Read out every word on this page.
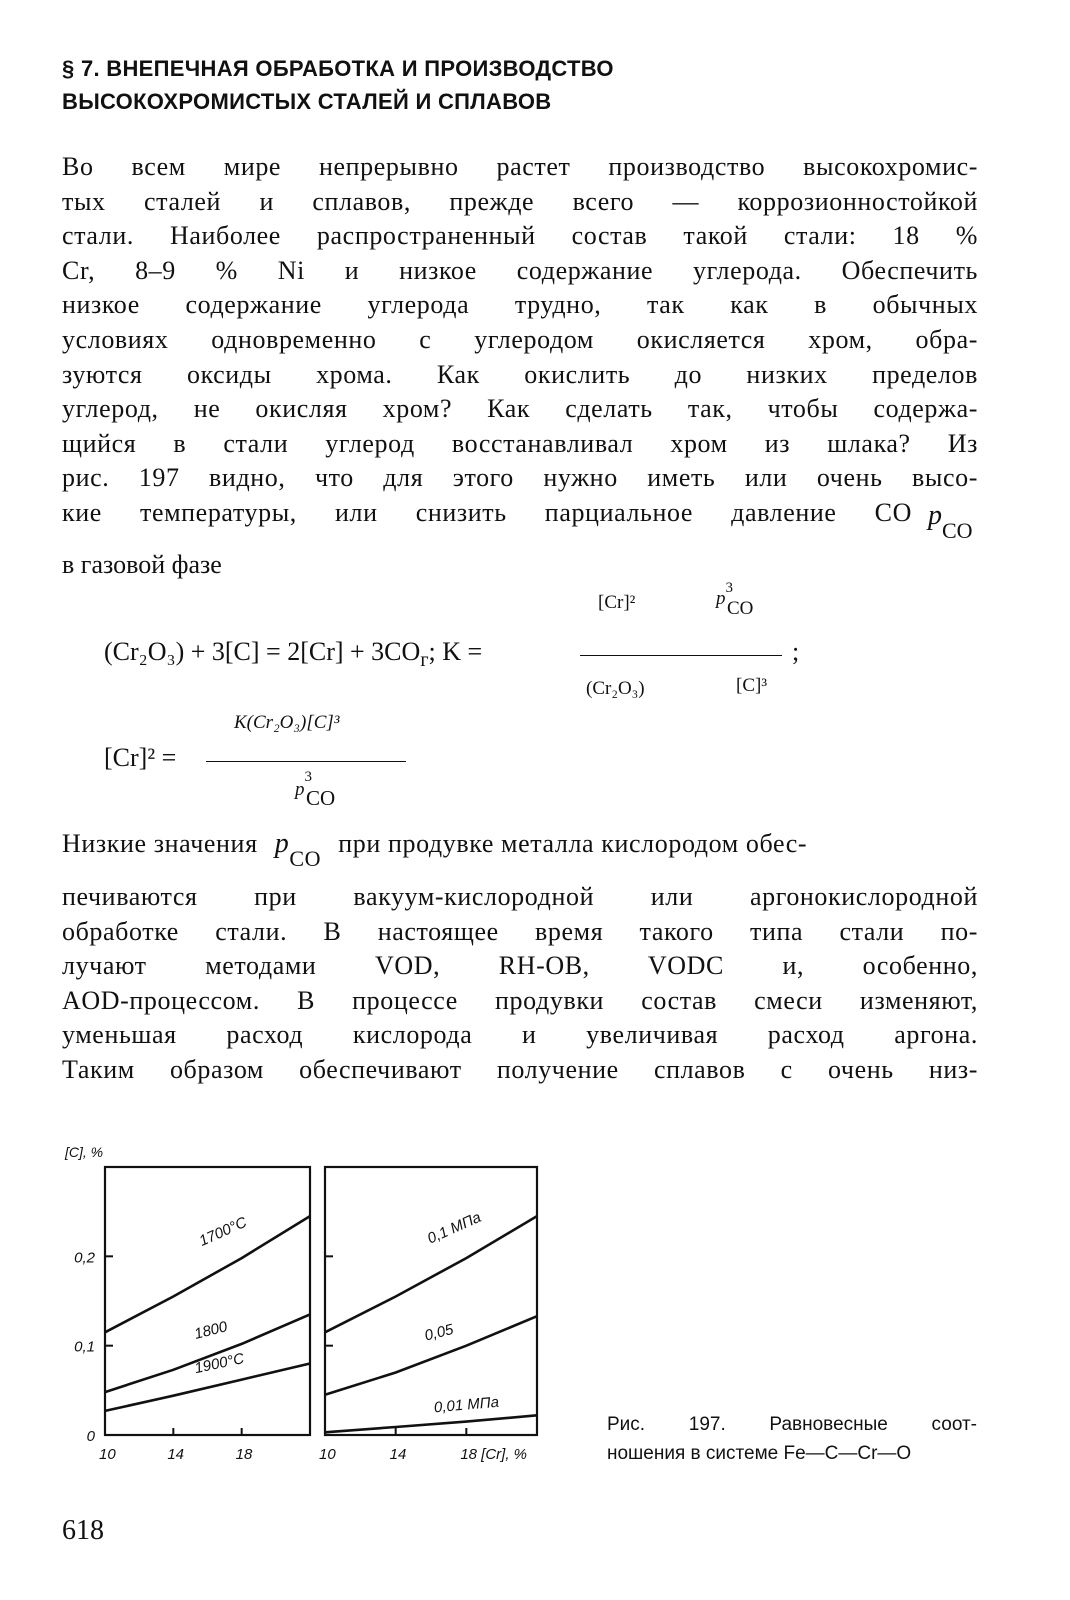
§ 7. ВНЕПЕЧНАЯ ОБРАБОТКА И ПРОИЗВОДСТВО
ВЫСОКОХРОМИСТЫХ СТАЛЕЙ И СПЛАВОВ
Во всем мире непрерывно растет производство высокохромис-
тых сталей и сплавов, прежде всего — коррозионностойкой
стали. Наиболее распространенный состав такой стали: 18 %
Cr, 8–9 % Ni и низкое содержание углерода. Обеспечить
низкое содержание углерода трудно, так как в обычных
условиях одновременно с углеродом окисляется хром, обра-
зуются оксиды хрома. Как окислить до низких пределов
углерод, не окисляя хром? Как сделать так, чтобы содержа-
щийся в стали углерод восстанавливал хром из шлака? Из
рис. 197 видно, что для этого нужно иметь или очень высо-
кие температуры, или снизить парциальное давление CO $p_{CO}$
в газовой фазе
[Cr]²	$p^3CO$
$(Cr_2O_3) + 3[C] = 2[Cr] + 3CO_г$; K =	;
(Cr₂O₃)	[C]³
K(Cr₂O₃)[C]³
[Cr]² =
$p^3CO$
Низкие значения $p_{CO}$ при продувке металла кислородом обес-
печиваются при вакуум-кислородной или аргонокислородной
обработке стали. В настоящее время такого типа стали по-
лучают методами VOD, RH-OB, VODC и, особенно,
AOD-процессом. В процессе продувки состав смеси изменяют,
уменьшая расход кислорода и увеличивая расход аргона.
Таким образом обеспечивают получение сплавов с очень низ-
0
0,1
0,2
[C], %
10	14	18
1700°C
1800
1900°C
10	14	18 [Cr], %
0,1 МПа
0,05
0,01 МПа
Рис. 197. Равновесные соот-
ношения в системе Fe—C—Cr—O
618
